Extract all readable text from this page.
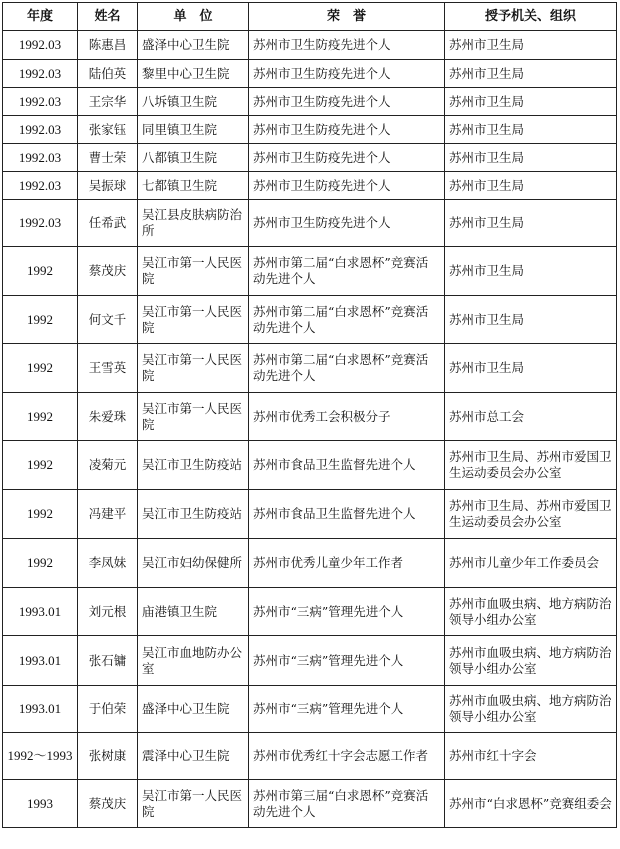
年度	姓名	单　位	荣　誉	授予机关、组织
1992.03	陈惠昌	盛泽中心卫生院	苏州市卫生防疫先进个人	苏州市卫生局
1992.03	陆伯英	黎里中心卫生院	苏州市卫生防疫先进个人	苏州市卫生局
1992.03	王宗华	八坼镇卫生院	苏州市卫生防疫先进个人	苏州市卫生局
1992.03	张家钰	同里镇卫生院	苏州市卫生防疫先进个人	苏州市卫生局
1992.03	曹士荣	八都镇卫生院	苏州市卫生防疫先进个人	苏州市卫生局
1992.03	吴振球	七都镇卫生院	苏州市卫生防疫先进个人	苏州市卫生局
1992.03	任希武	吴江县皮肤病防治所	苏州市卫生防疫先进个人	苏州市卫生局
1992	蔡茂庆	吴江市第一人民医院	苏州市第二届“白求恩杯”竞赛活动先进个人	苏州市卫生局
1992	何文千	吴江市第一人民医院	苏州市第二届“白求恩杯”竞赛活动先进个人	苏州市卫生局
1992	王雪英	吴江市第一人民医院	苏州市第二届“白求恩杯”竞赛活动先进个人	苏州市卫生局
1992	朱爱珠	吴江市第一人民医院	苏州市优秀工会积极分子	苏州市总工会
1992	凌菊元	吴江市卫生防疫站	苏州市食品卫生监督先进个人	苏州市卫生局、苏州市爱国卫生运动委员会办公室
1992	冯建平	吴江市卫生防疫站	苏州市食品卫生监督先进个人	苏州市卫生局、苏州市爱国卫生运动委员会办公室
1992	李凤妹	吴江市妇幼保健所	苏州市优秀儿童少年工作者	苏州市儿童少年工作委员会
1993.01	刘元根	庙港镇卫生院	苏州市“三病”管理先进个人	苏州市血吸虫病、地方病防治领导小组办公室
1993.01	张石镛	吴江市血地防办公室	苏州市“三病”管理先进个人	苏州市血吸虫病、地方病防治领导小组办公室
1993.01	于伯荣	盛泽中心卫生院	苏州市“三病”管理先进个人	苏州市血吸虫病、地方病防治领导小组办公室
1992～1993	张树康	震泽中心卫生院	苏州市优秀红十字会志愿工作者	苏州市红十字会
1993	蔡茂庆	吴江市第一人民医院	苏州市第三届“白求恩杯”竞赛活动先进个人	苏州市“白求恩杯”竞赛组委会
